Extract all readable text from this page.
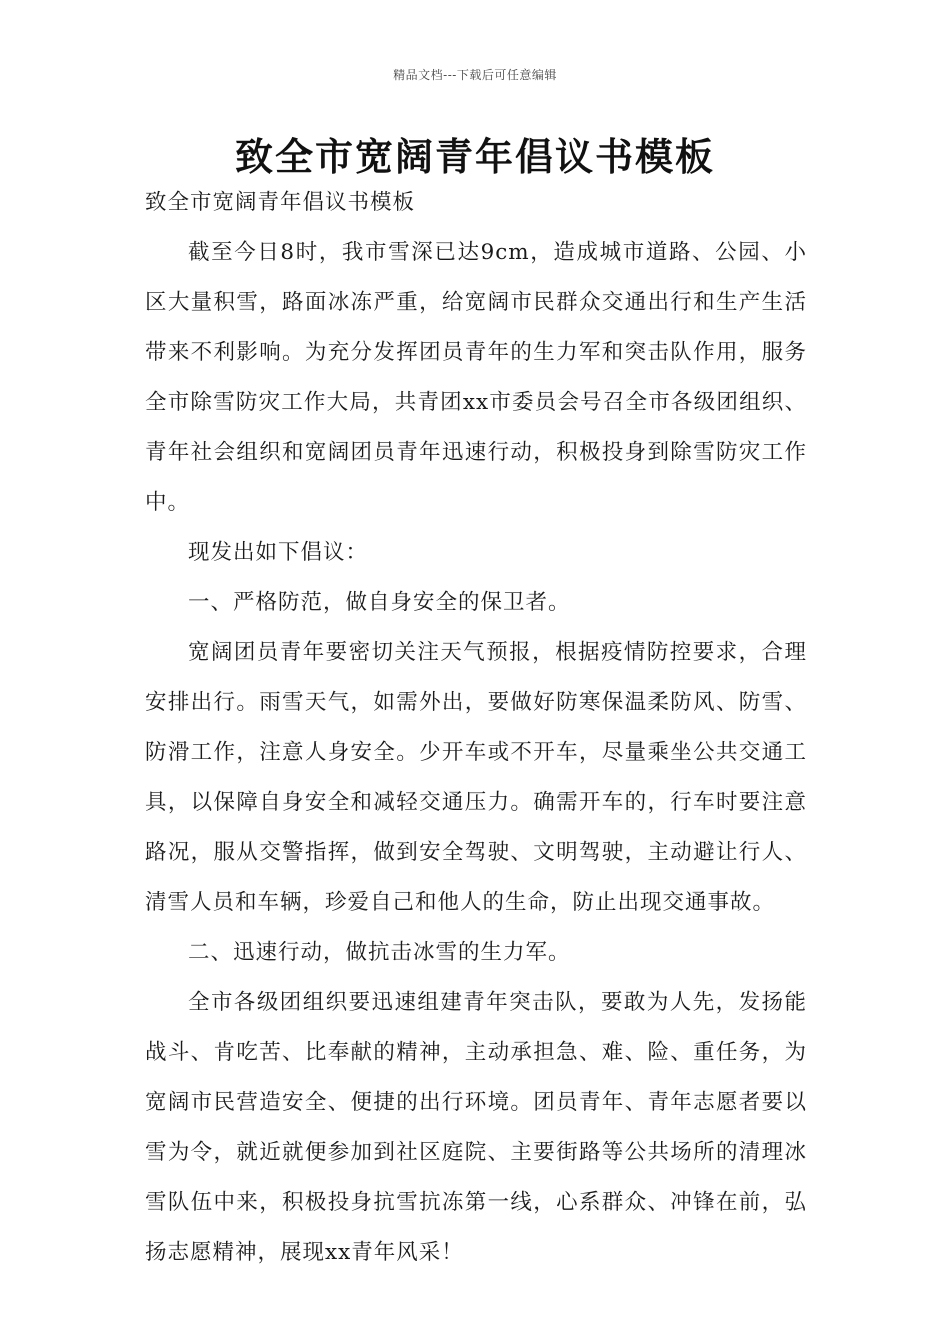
精品文档---下载后可任意编辑
致全市宽阔青年倡议书模板

致全市宽阔青年倡议书模板

截至今日8时，我市雪深已达9cm，造成城市道路、公园、小区大量积雪，路面冰冻严重，给宽阔市民群众交通出行和生产生活带来不利影响。为充分发挥团员青年的生力军和突击队作用，服务全市除雪防灾工作大局，共青团xx市委员会号召全市各级团组织、青年社会组织和宽阔团员青年迅速行动，积极投身到除雪防灾工作中。

现发出如下倡议：

一、严格防范，做自身安全的保卫者。

宽阔团员青年要密切关注天气预报，根据疫情防控要求，合理安排出行。雨雪天气，如需外出，要做好防寒保温柔防风、防雪、防滑工作，注意人身安全。少开车或不开车，尽量乘坐公共交通工具，以保障自身安全和减轻交通压力。确需开车的，行车时要注意路况，服从交警指挥，做到安全驾驶、文明驾驶，主动避让行人、清雪人员和车辆，珍爱自己和他人的生命，防止出现交通事故。

二、迅速行动，做抗击冰雪的生力军。

全市各级团组织要迅速组建青年突击队，要敢为人先，发扬能战斗、肯吃苦、比奉献的精神，主动承担急、难、险、重任务，为宽阔市民营造安全、便捷的出行环境。团员青年、青年志愿者要以雪为令，就近就便参加到社区庭院、主要街路等公共场所的清理冰雪队伍中来，积极投身抗雪抗冻第一线，心系群众、冲锋在前，弘扬志愿精神，展现xx青年风采！
